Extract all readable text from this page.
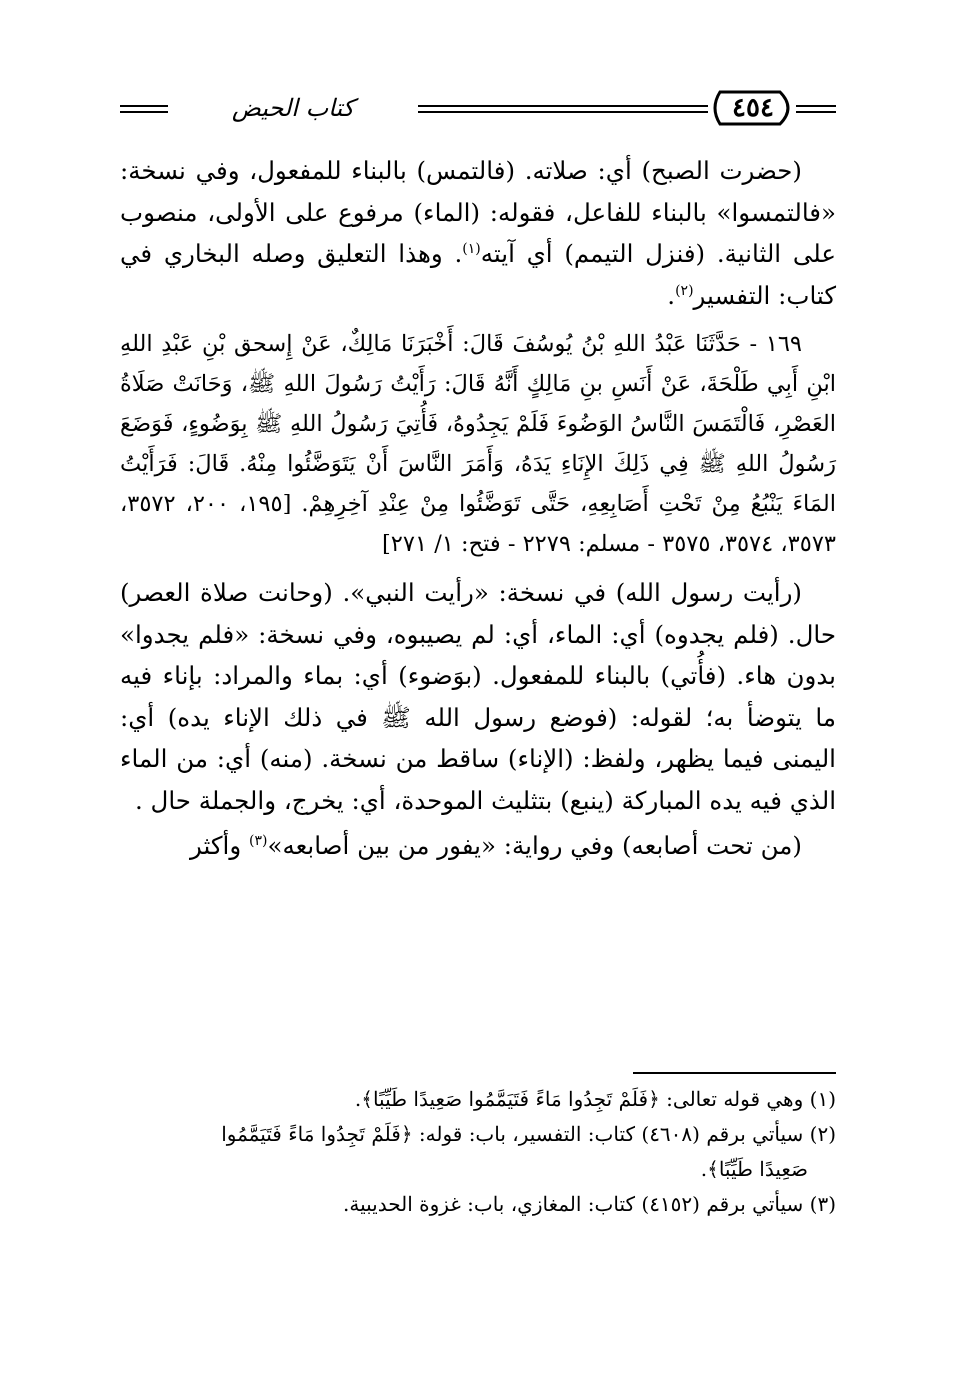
كتاب الحيض	٤٥٤

(حضرت الصبح) أي: صلاته. (فالتمس) بالبناء للمفعول، وفي نسخة: «فالتمسوا» بالبناء للفاعل، فقوله: (الماء) مرفوع على الأولى، منصوب على الثانية. (فنزل التيمم) أي آيته$^{(١)}$. وهذا التعليق وصله البخاري في كتاب: التفسير$^{(٢)}$.

١٦٩ - حَدَّثَنَا عَبْدُ اللهِ بْنُ يُوسُفَ قَالَ: أَخْبَرَنَا مَالِكٌ، عَنْ إِسحق بْنِ عَبْدِ اللهِ ابْنِ أَبِي طَلْحَةَ، عَنْ أَنَسِ بنِ مَالِكٍ أَنَّهُ قَالَ: رَأَيْتُ رَسُولَ اللهِ ﷺ، وَحَانَتْ صَلَاةُ العَصْرِ، فَالْتَمَسَ النَّاسُ الوَضُوءَ فَلَمْ يَجِدُوهُ، فَأُتِيَ رَسُولُ اللهِ ﷺ بِوَضُوءٍ، فَوَضَعَ رَسُولُ اللهِ ﷺ فِي ذَلِكَ الإِنَاءِ يَدَهُ، وَأَمَرَ النَّاسَ أَنْ يَتَوَضَّئُوا مِنْهُ. قَالَ: فَرَأَيْتُ المَاءَ يَنْبُعُ مِنْ تَحْتِ أَصَابِعِهِ، حَتَّى تَوَضَّئُوا مِنْ عِنْدِ آخِرِهِمْ. [١٩٥، ٢٠٠، ٣٥٧٢، ٣٥٧٣، ٣٥٧٤، ٣٥٧٥ - مسلم: ٢٢٧٩ - فتح: ١/ ٢٧١]

(رأيت رسول الله) في نسخة: «رأيت النبي». (وحانت صلاة العصر) حال. (فلم يجدوه) أي: الماء، أي: لم يصيبوه، وفي نسخة: «فلم يجدوا» بدون هاء. (فأُتي) بالبناء للمفعول. (بوَضوء) أي: بماء والمراد: بإناء فيه ما يتوضأ به؛ لقوله: (فوضع رسول الله ﷺ في ذلك الإناء يده) أي: اليمنى فيما يظهر، ولفظ: (الإناء) ساقط من نسخة. (منه) أي: من الماء الذي فيه يده المباركة (ينبع) بتثليث الموحدة، أي: يخرج، والجملة حال .

(من تحت أصابعه) وفي رواية: «يفور من بين أصابعه»$^{(٣)}$ وأكثر

(١) وهي قوله تعالى: ﴿فَلَمْ تَجِدُوا مَاءً فَتَيَمَّمُوا صَعِيدًا طَيِّبًا﴾.

(٢) سيأتي برقم (٤٦٠٨) كتاب: التفسير، باب: قوله: ﴿فَلَمْ تَجِدُوا مَاءً فَتَيَمَّمُوا

صَعِيدًا طَيِّبًا﴾.

(٣) سيأتي برقم (٤١٥٢) كتاب: المغازي، باب: غزوة الحديبية.
